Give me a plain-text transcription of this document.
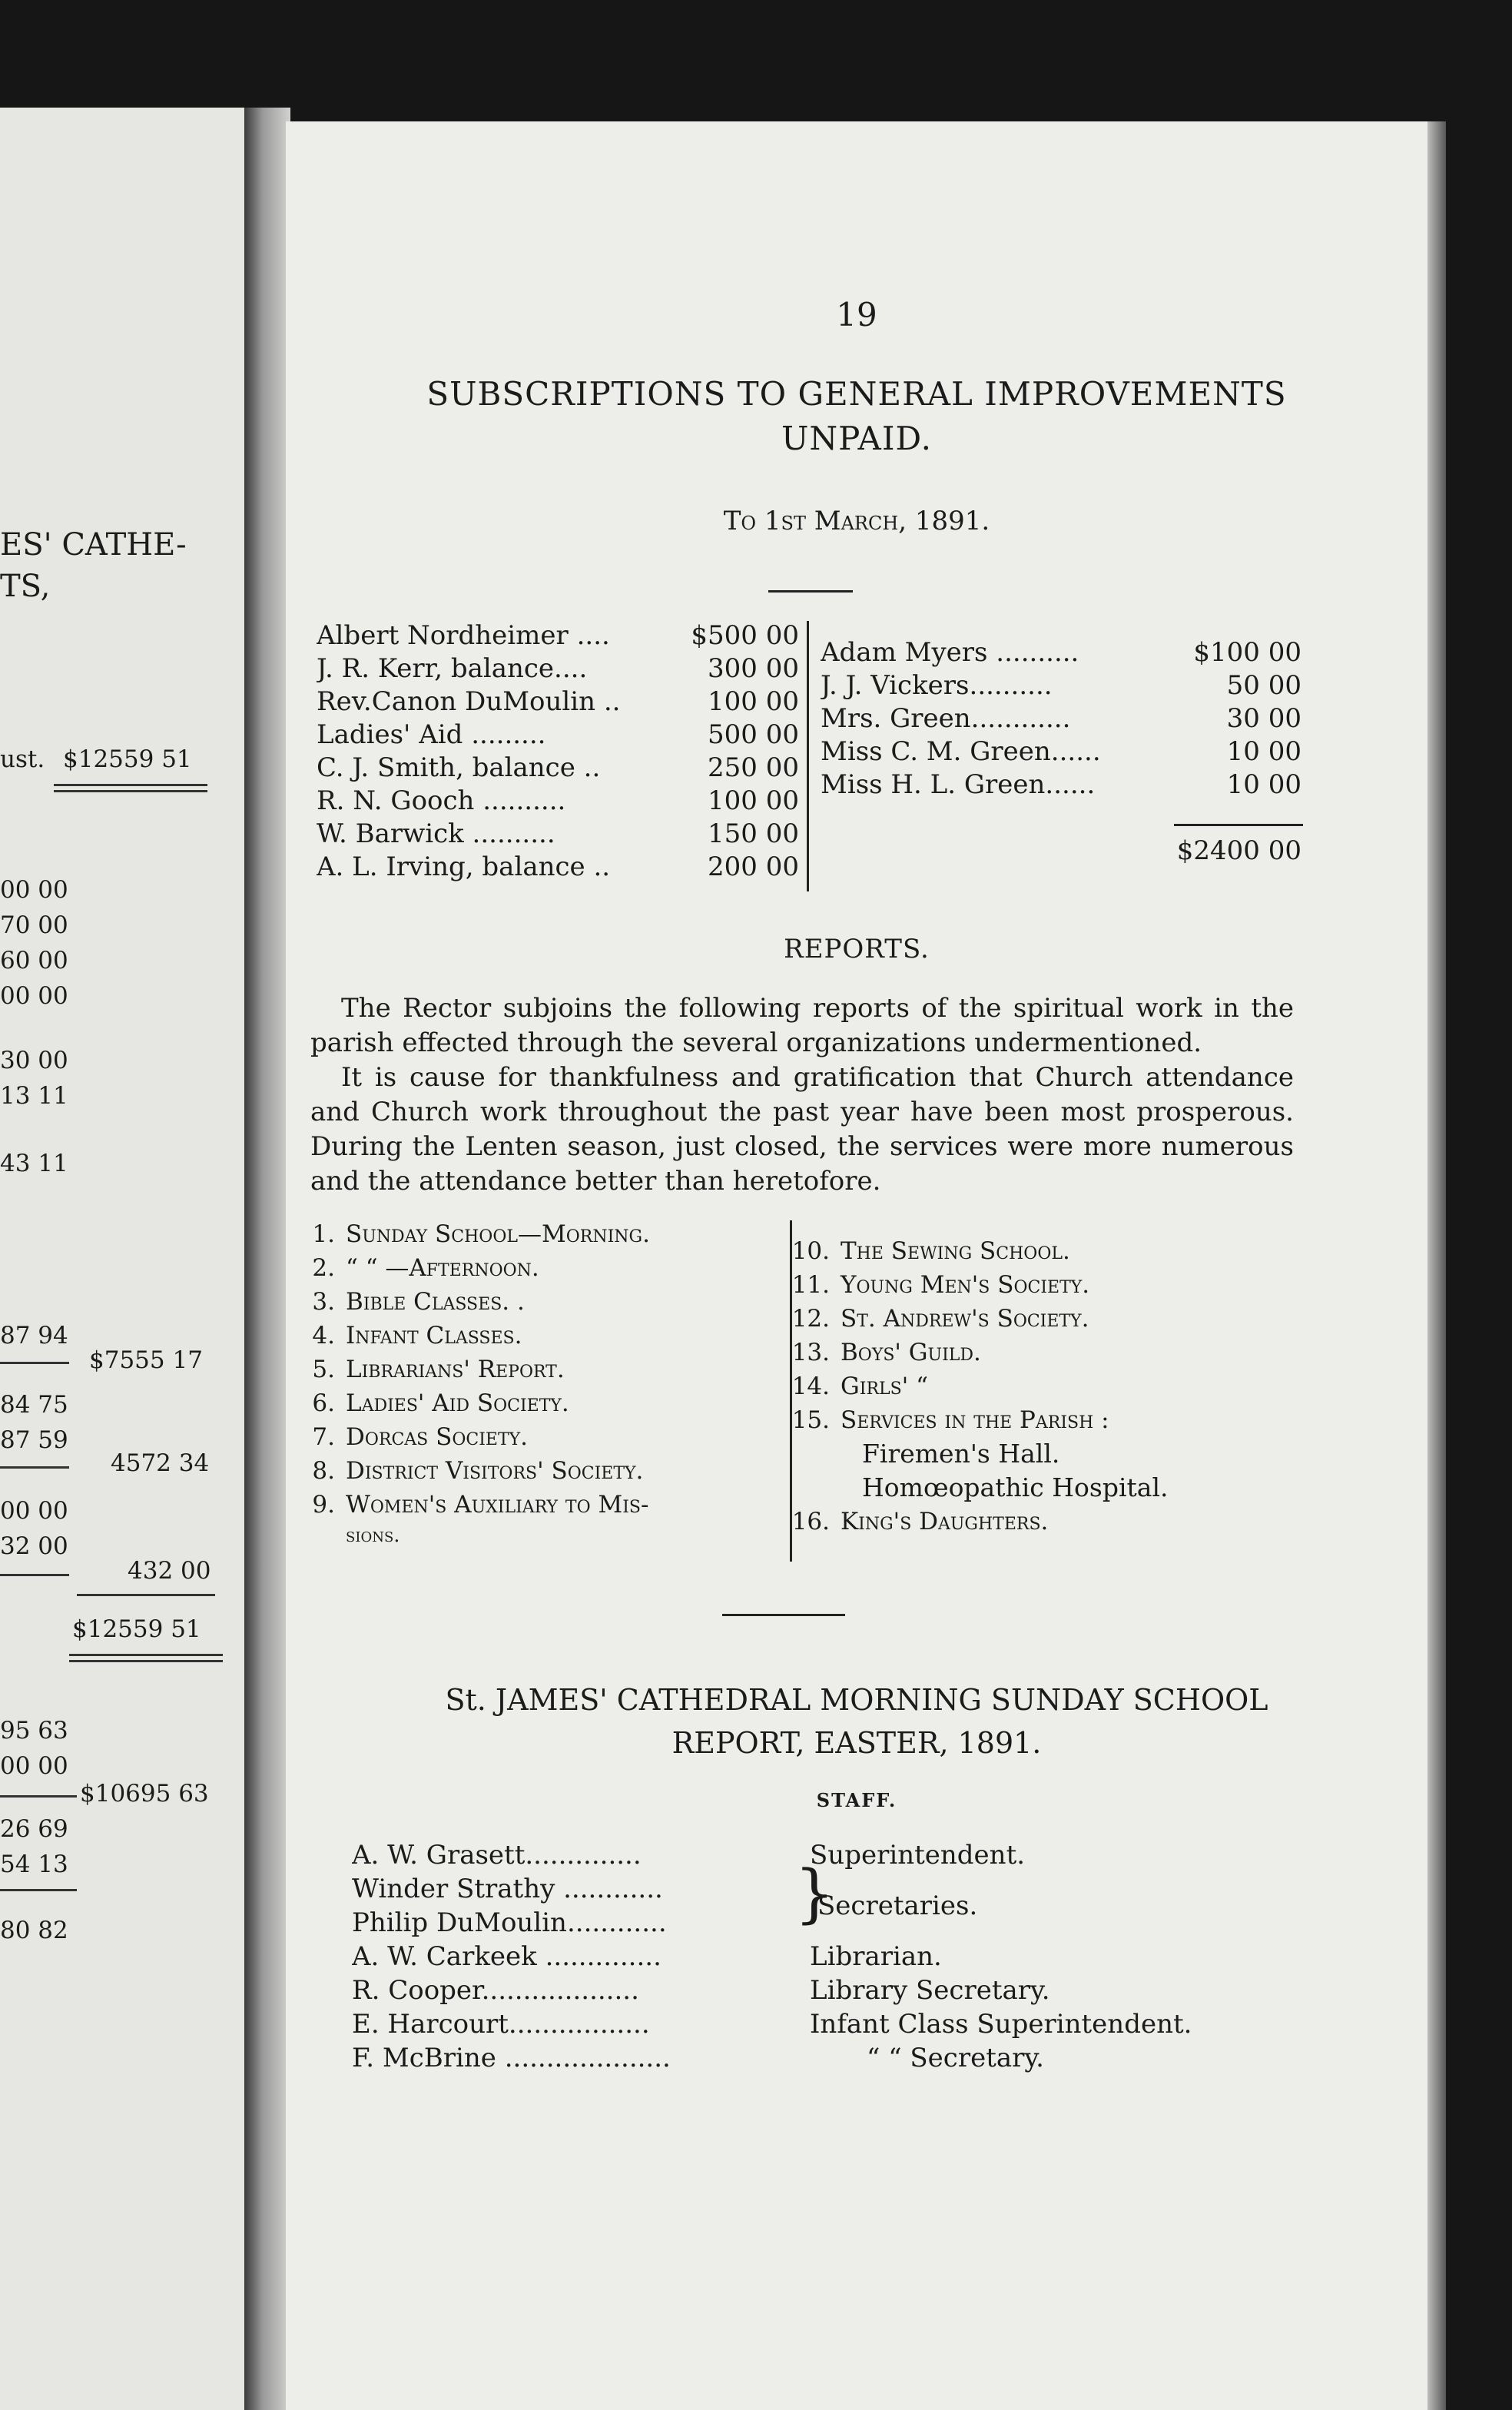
ES' CATHE-
TS,
ust. $12559 51
00 00
70 00
60 00
00 00
30 00
13 11
43 11
87 94
$7555 17
84 75
87 59
4572 34
00 00
32 00
432 00
$12559 51
95 63
00 00
$10695 63
26 69
54 13
80 82
19
SUBSCRIPTIONS TO GENERAL IMPROVEMENTS
UNPAID.
To 1st March, 1891.
Albert Nordheimer ....	$500 00
J. R. Kerr, balance....	300 00
Rev.Canon DuMoulin ..	100 00
Ladies' Aid .........	500 00
C. J. Smith, balance ..	250 00
R. N. Gooch ..........	100 00
W. Barwick ..........	150 00
A. L. Irving, balance ..	200 00
Adam Myers ..........	$100 00
J. J. Vickers..........	50 00
Mrs. Green............	30 00
Miss C. M. Green......	10 00
Miss H. L. Green......	10 00
$2400 00
REPORTS.

The Rector subjoins the following reports of the spiritual work in the parish effected through the several organizations undermentioned.

It is cause for thankfulness and gratification that Church attendance and Church work throughout the past year have been most prosperous. During the Lenten season, just closed, the services were more numerous and the attendance better than heretofore.

1. Sunday School—Morning.
2. “ “ —Afternoon.
3. Bible Classes. .
4. Infant Classes.
5. Librarians' Report.
6. Ladies' Aid Society.
7. Dorcas Society.
8. District Visitors' Society.
9. Women's Auxiliary to Mis-
sions.
10. The Sewing School.
11. Young Men's Society.
12. St. Andrew's Society.
13. Boys' Guild.
14. Girls' “
15. Services in the Parish :
Firemen's Hall.
Homœopathic Hospital.
16. King's Daughters.
St. JAMES' CATHEDRAL MORNING SUNDAY SCHOOL
REPORT, EASTER, 1891.
STAFF.
A. W. Grasett..............	Superintendent.
Winder Strathy ............
Philip DuMoulin............	}
Secretaries.
A. W. Carkeek ..............	Librarian.
R. Cooper...................	Library Secretary.
E. Harcourt.................	Infant Class Superintendent.
F. McBrine ....................	“ “ Secretary.
